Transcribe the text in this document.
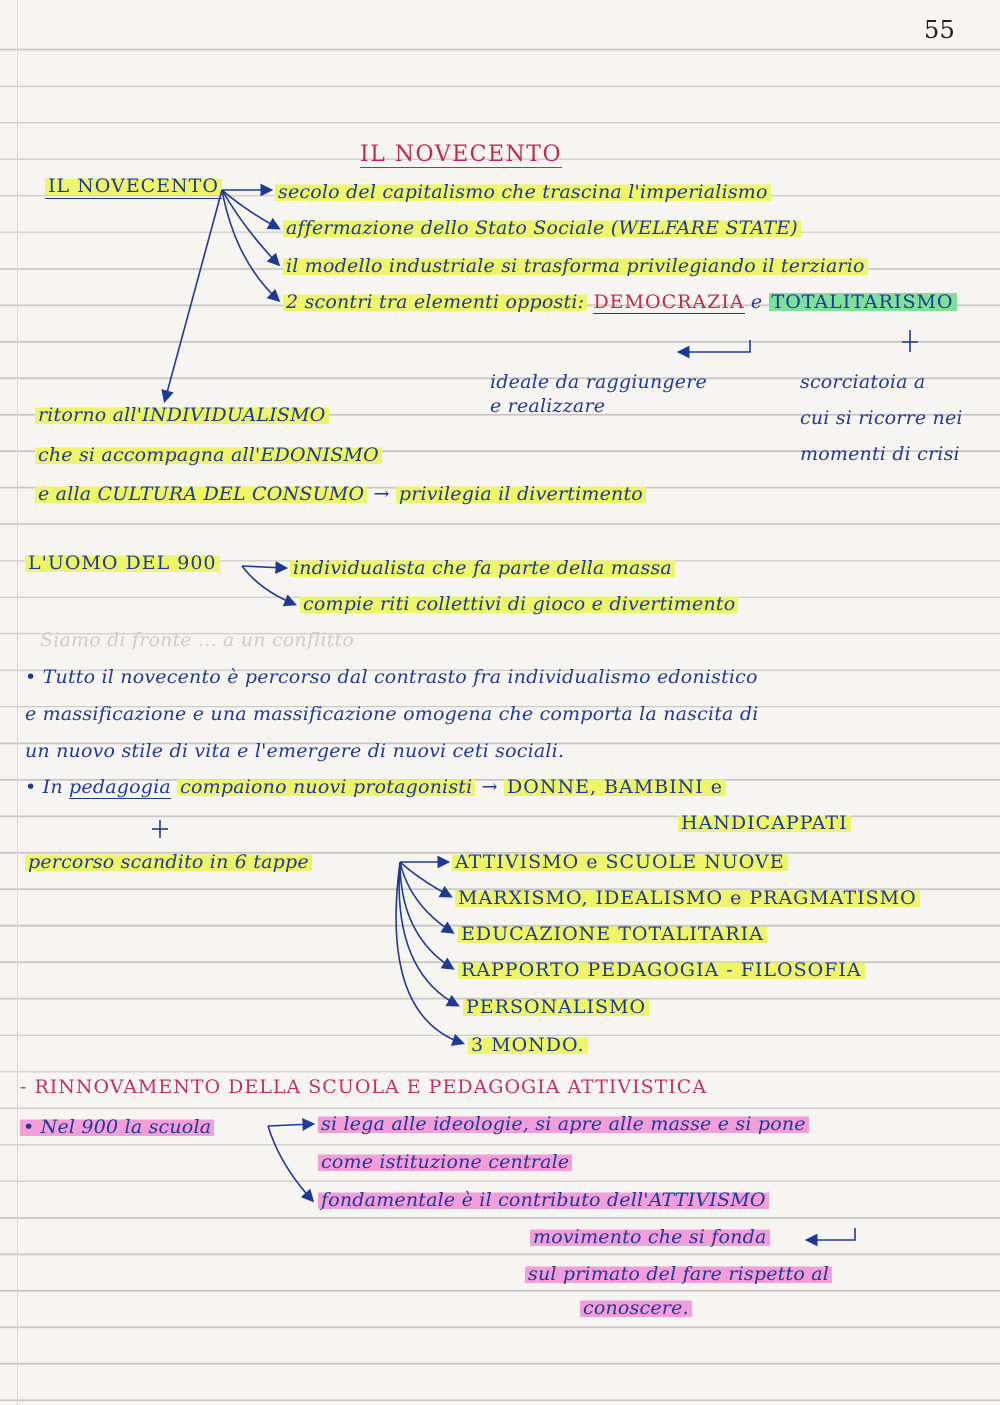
55
IL NOVECENTO
IL NOVECENTO	secolo del capitalismo che trascina l'imperialismo
affermazione dello Stato Sociale (WELFARE STATE)
il modello industriale si trasforma privilegiando il terziario
2 scontri tra elementi opposti: DEMOCRAZIA e TOTALITARISMO
ideale da raggiungere
e realizzare
scorciatoia a
cui si ricorre nei
momenti di crisi
ritorno all'INDIVIDUALISMO
che si accompagna all'EDONISMO
e alla CULTURA DEL CONSUMO → privilegia il divertimento
L'UOMO DEL 900	individualista che fa parte della massa
compie riti collettivi di gioco e divertimento
Siamo di fronte ... a un conflitto
• Tutto il novecento è percorso dal contrasto fra individualismo edonistico
e massificazione e una massificazione omogena che comporta la nascita di
un nuovo stile di vita e l'emergere di nuovi ceti sociali.
• In pedagogia compaiono nuovi protagonisti → DONNE, BAMBINI e
HANDICAPPATI
percorso scandito in 6 tappe	ATTIVISMO e SCUOLE NUOVE
MARXISMO, IDEALISMO e PRAGMATISMO
EDUCAZIONE TOTALITARIA
RAPPORTO PEDAGOGIA - FILOSOFIA
PERSONALISMO
3 MONDO.
- RINNOVAMENTO DELLA SCUOLA E PEDAGOGIA ATTIVISTICA
• Nel 900 la scuola	si lega alle ideologie, si apre alle masse e si pone
come istituzione centrale
fondamentale è il contributo dell'ATTIVISMO
movimento che si fonda
sul primato del fare rispetto al
conoscere.
